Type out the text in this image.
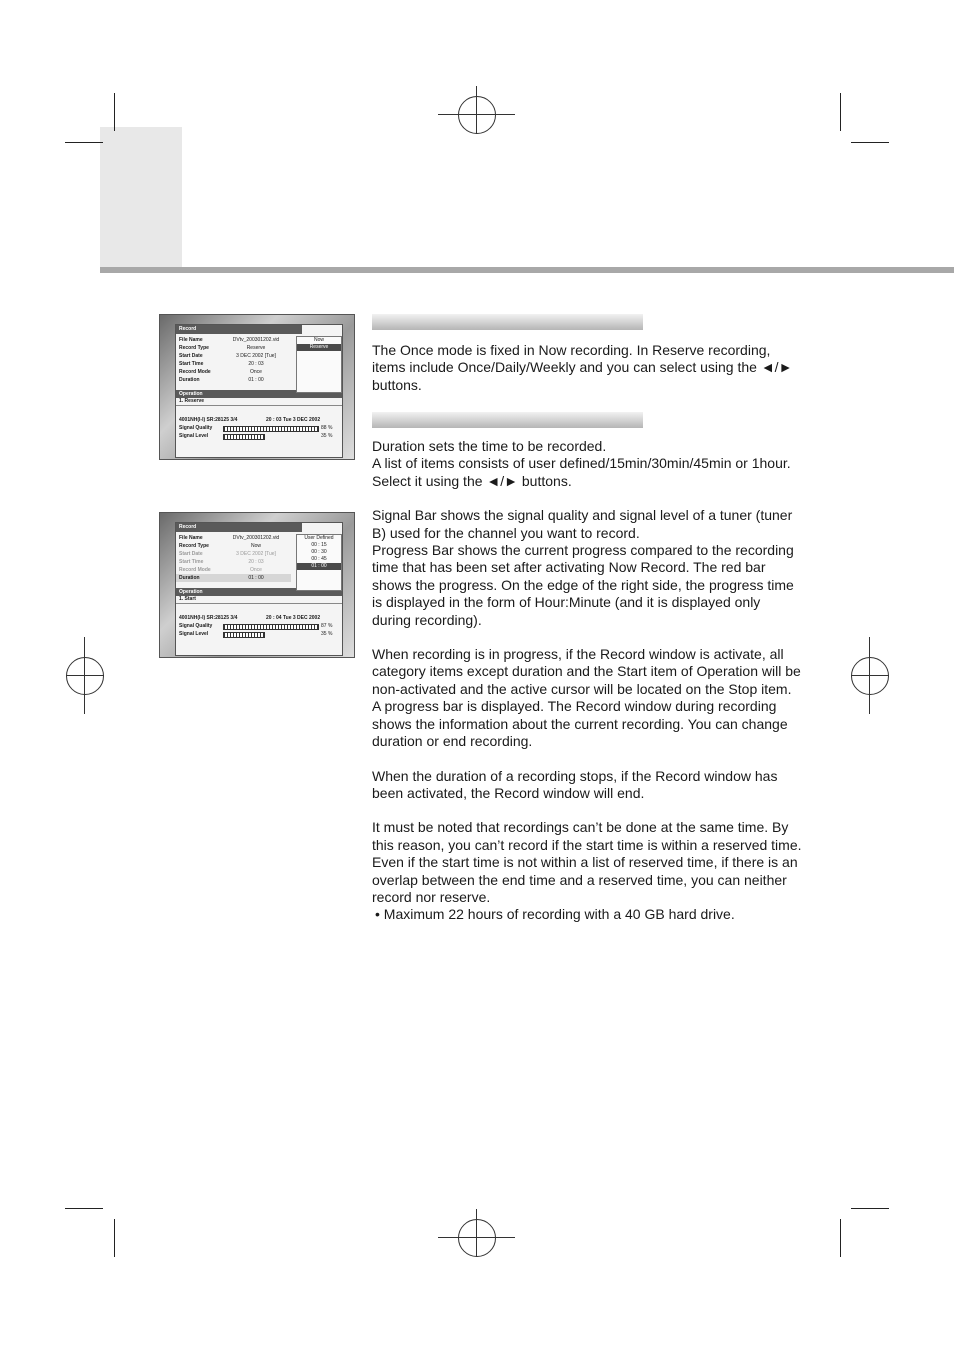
Record
File Name	DVtv_200301202.vid
Record Type	Reserve
Start Date	3 DEC 2002 [Tue]
Start Time	20 : 03
Record Mode	Once
Duration	01 : 00
Now
Reserve
Operation
1. Reserve
4001NH(I-I) SR:28125 3/4	20 : 03 Tue 3 DEC 2002
Signal Quality	88 %
Signal Level	35 %
Record
File Name	DVtv_200301202.vid
Record Type	Now
Start Date	3 DEC 2002 [Tue]
Start Time	20 : 03
Record Mode	Once
Duration	01 : 00
User Defined
00 : 15
00 : 30
00 : 45
01 : 00
Operation
1. Start
4001NH(I-I) SR:28125 3/4	20 : 04 Tue 3 DEC 2002
Signal Quality	87 %
Signal Level	35 %

The Once mode is fixed in Now recording. In Reserve recording, items include Once/Daily/Weekly and you can select using the ◄/► buttons.

Duration sets the time to be recorded.

A list of items consists of user defined/15min/30min/45min or 1hour. Select it using the ◄/► buttons.

Signal Bar shows the signal quality and signal level of a tuner (tuner B) used for the channel you want to record.

Progress Bar shows the current progress compared to the recording time that has been set after activating Now Record. The red bar shows the progress. On the edge of the right side, the progress time is displayed in the form of Hour:Minute (and it is displayed only during recording).

When recording is in progress, if the Record window is activate, all category items except duration and the Start item of Operation will be non-activated and the active cursor will be located on the Stop item. A progress bar is displayed. The Record window during recording shows the information about the current recording. You can change duration or end recording.

When the duration of a recording stops, if the Record window has been activated, the Record window will end.

It must be noted that recordings can’t be done at the same time. By this reason, you can’t record if the start time is within a reserved time. Even if the start time is not within a list of reserved time, if there is an overlap between the end time and a reserved time, you can neither record nor reserve.

• Maximum 22 hours of recording with a 40 GB hard drive.
